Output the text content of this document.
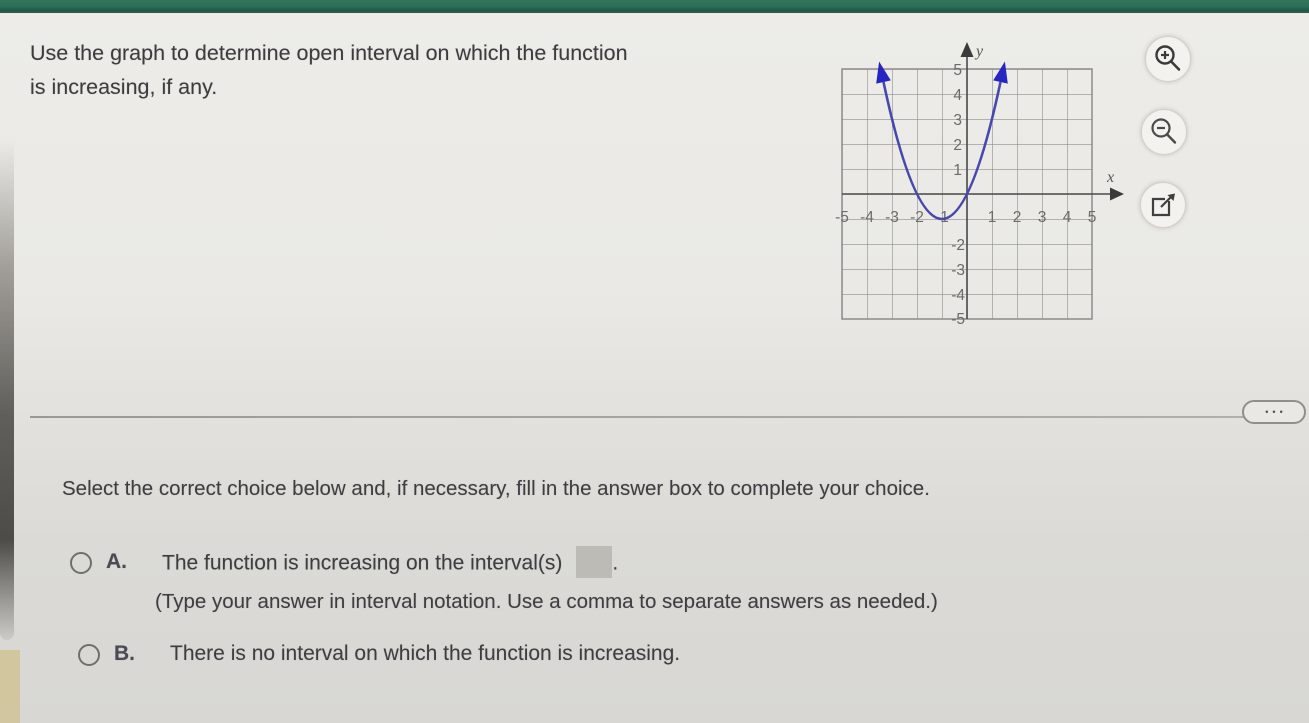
Use the graph to determine open interval on which the function
is increasing, if any.
y
x
-5 -4 -3 -2 -1	1 2 3 4 5
5
4
3
2
1
-2
-3
-4
-5
•••
Select the correct choice below and, if necessary, fill in the answer box to complete your choice.
A.	The function is increasing on the interval(s) .
(Type your answer in interval notation. Use a comma to separate answers as needed.)
B.	There is no interval on which the function is increasing.
